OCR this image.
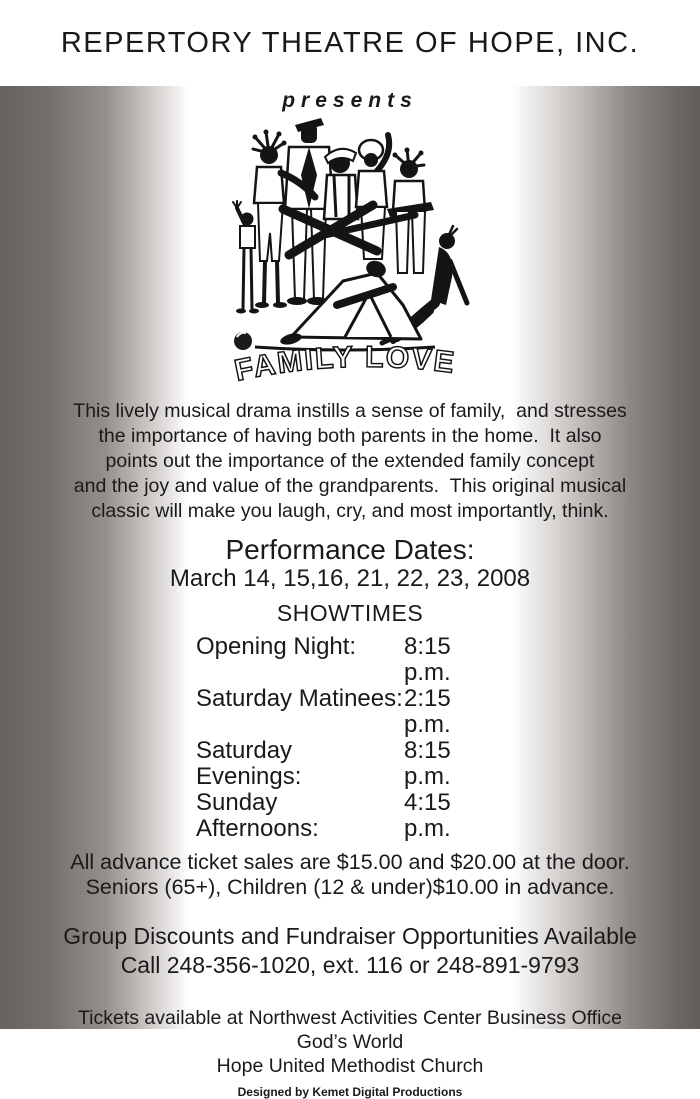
REPERTORY THEATRE OF HOPE, INC.
presents
FAMILY LOVE
This lively musical drama instills a sense of family,  and stresses
the importance of having both parents in the home.  It also
points out the importance of the extended family concept
and the joy and value of the grandparents.  This original musical
classic will make you laugh, cry, and most importantly, think.
Performance Dates:
March 14, 15,16, 21, 22, 23, 2008
SHOWTIMES
Opening Night:	8:15 p.m.
Saturday Matinees: 2:15 p.m.
Saturday Evenings:
8:15 p.m.
Sunday Afternoons:
4:15 p.m.
All advance ticket sales are $15.00 and $20.00 at the door.
Seniors (65+), Children (12 & under)$10.00 in advance.
Group Discounts and Fundraiser Opportunities Available
Call 248-356-1020, ext. 116 or 248-891-9793
Tickets available at Northwest Activities Center Business Office
God’s World
Hope United Methodist Church
Designed by Kemet Digital Productions
